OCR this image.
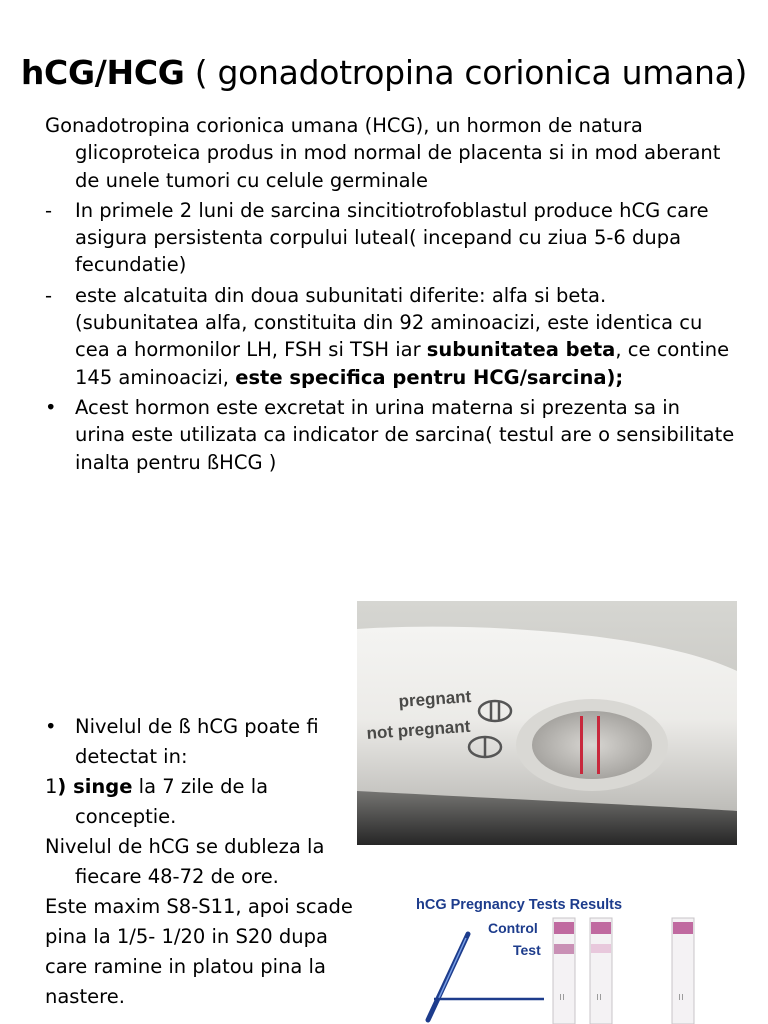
hCG/HCG ( gonadotropina corionica umana)

Gonadotropina corionica umana (HCG), un hormon de natura glicoproteica produs in mod normal de placenta si in mod aberant de unele tumori cu celule germinale

- In primele 2 luni de sarcina sincitiotrofoblastul produce hCG care asigura persistenta corpului luteal( incepand cu ziua 5-6 dupa fecundatie)

- este alcatuita din doua subunitati diferite: alfa si beta. (subunitatea alfa, constituita din 92 aminoacizi, este identica cu cea a hormonilor LH, FSH si TSH iar subunitatea beta, ce contine 145 aminoacizi, este specifica pentru HCG/sarcina);

• Acest hormon este excretat in urina materna si prezenta sa in urina este utilizata ca indicator de sarcina( testul are o sensibilitate inalta pentru ßHCG )

• Nivelul de ß hCG poate fi detectat in:

1) singe la 7 zile de la conceptie.

Nivelul de hCG se dubleza la fiecare 48-72 de ore.

Este maxim S8-S11, apoi scade pina la 1/5- 1/20 in S20 dupa care ramine in platou pina la nastere.

pregnant
not pregnant
hCG Pregnancy Tests Results
Control
Test
ıı	ıı	ıı
